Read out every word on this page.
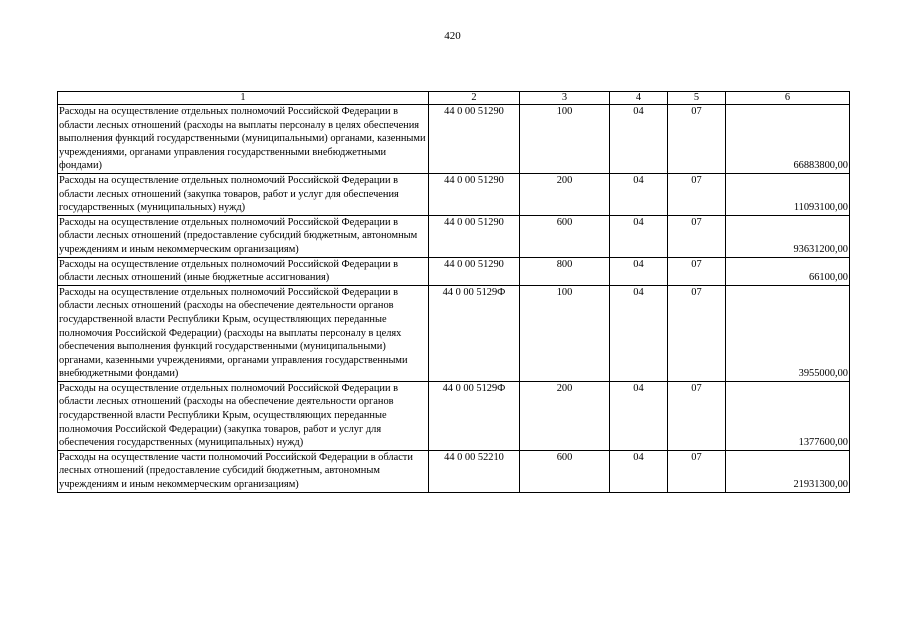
420
1	2	3	4	5	6
Расходы на осуществление отдельных полномочий Российской Федерации в области лесных отношений (расходы на выплаты персоналу в целях обеспечения выполнения функций государственными (муниципальными) органами, казенными учреждениями, органами управления государственными внебюджетными фондами)	44 0 00 51290	100	04	07	66883800,00
Расходы на осуществление отдельных полномочий Российской Федерации в области лесных отношений (закупка товаров, работ и услуг для обеспечения государственных (муниципальных) нужд)	44 0 00 51290	200	04	07	11093100,00
Расходы на осуществление отдельных полномочий Российской Федерации в области лесных отношений (предоставление субсидий бюджетным, автономным учреждениям и иным некоммерческим организациям)	44 0 00 51290	600	04	07	93631200,00
Расходы на осуществление отдельных полномочий Российской Федерации в области лесных отношений (иные бюджетные ассигнования)	44 0 00 51290	800	04	07	66100,00
Расходы на осуществление отдельных полномочий Российской Федерации в области лесных отношений (расходы на обеспечение деятельности органов государственной власти Республики Крым, осуществляющих переданные полномочия Российской Федерации) (расходы на выплаты персоналу в целях обеспечения выполнения функций государственными (муниципальными) органами, казенными учреждениями, органами управления государственными внебюджетными фондами)	44 0 00 5129Ф	100	04	07	3955000,00
Расходы на осуществление отдельных полномочий Российской Федерации в области лесных отношений (расходы на обеспечение деятельности органов государственной власти Республики Крым, осуществляющих переданные полномочия Российской Федерации) (закупка товаров, работ и услуг для обеспечения государственных (муниципальных) нужд)	44 0 00 5129Ф	200	04	07	1377600,00
Расходы на осуществление части полномочий Российской Федерации в области лесных отношений (предоставление субсидий бюджетным, автономным учреждениям и иным некоммерческим организациям)	44 0 00 52210	600	04	07	21931300,00
